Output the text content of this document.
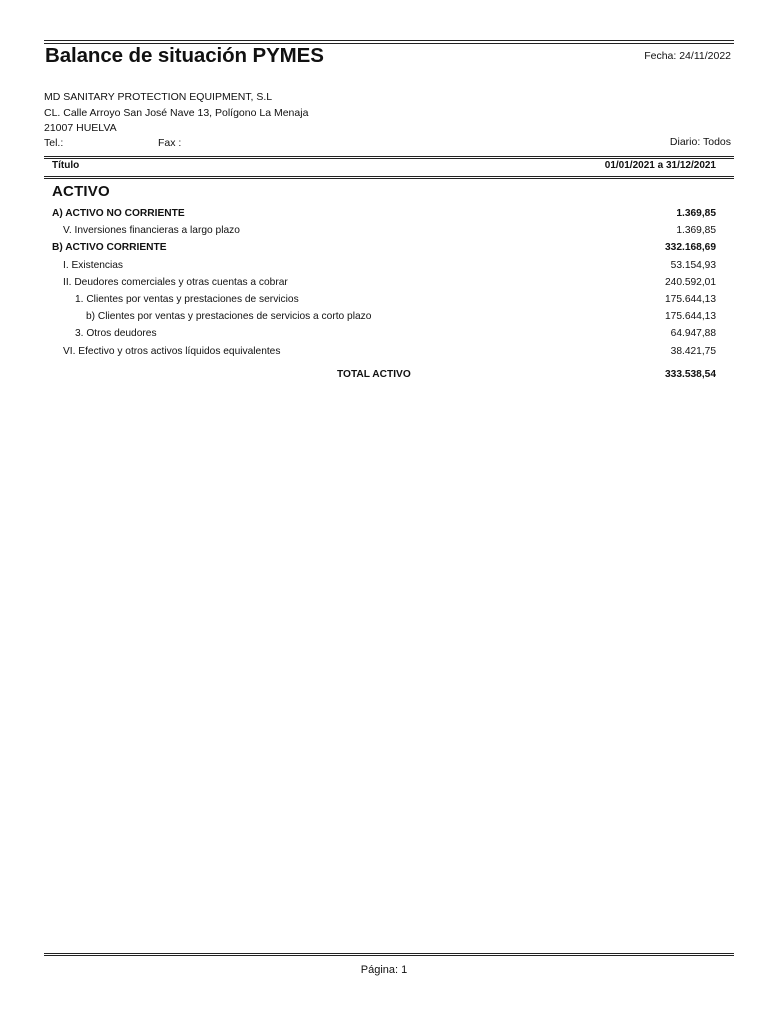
Balance de situación PYMES	Fecha: 24/11/2022
MD SANITARY PROTECTION EQUIPMENT, S.L
CL. Calle Arroyo San José Nave 13, Polígono La Menaja
21007 HUELVA
Tel.:	Fax :	Diario: Todos
Título	01/01/2021 a 31/12/2021
ACTIVO
A) ACTIVO NO CORRIENTE	1.369,85
V. Inversiones financieras a largo plazo	1.369,85
B) ACTIVO CORRIENTE	332.168,69
I. Existencias	53.154,93
II. Deudores comerciales y otras cuentas a cobrar	240.592,01
1. Clientes por ventas y prestaciones de servicios	175.644,13
b) Clientes por ventas y prestaciones de servicios a corto plazo	175.644,13
3. Otros deudores	64.947,88
VI. Efectivo y otros activos líquidos equivalentes	38.421,75
TOTAL ACTIVO	333.538,54
Página: 1
